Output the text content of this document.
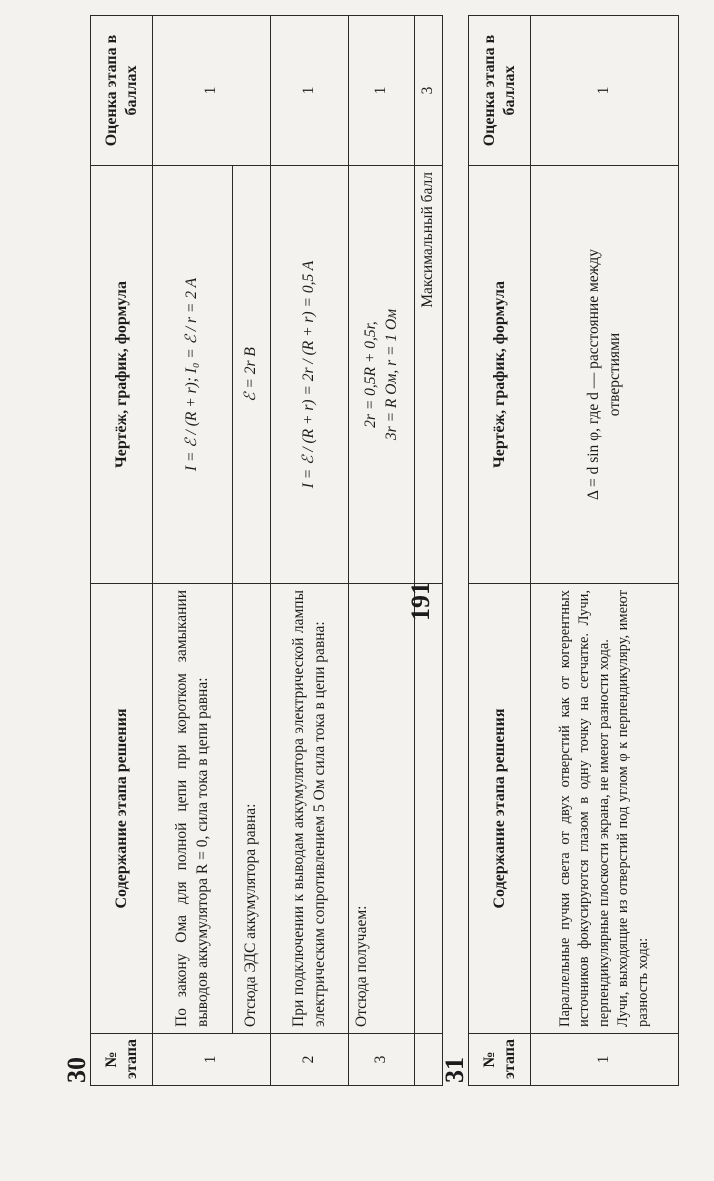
30 № этапа	Содержание этапа решения	Чертёж, график, формула	Оценка этапа в баллах
1	По закону Ома для полной цепи при коротком замыкании выводов аккумулятора R = 0, сила тока в цепи равна:	I = ℰ / (R + r); I₀ = ℰ / r = 2 A	1
	Отсюда ЭДС аккумулятора равна:	ℰ = 2r B	
2	При подключении к выводам аккумулятора электрической лампы электрическим сопротивлением 5 Ом сила тока в цепи равна:	I = ℰ / (R + r) = 2r / (R + r) = 0,5 A	1
3	Отсюда получаем:	2r = 0,5R + 0,5r, 3r = R Ом, r = 1 Ом	1
		Максимальный балл	3
191
31 № этапа	Содержание этапа решения	Чертёж, график, формула	Оценка этапа в баллах
1	Параллельные пучки света от двух отверстий как от когерентных источников фокусируются глазом в одну точку на сетчатке. Лучи, перпендикулярные плоскости экрана, не имеют разности хода. Лучи, выходящие из отверстий под углом φ к перпендикуляру, имеют разность хода:	Δ = d sin φ, где d — расстояние между отверстиями	1
